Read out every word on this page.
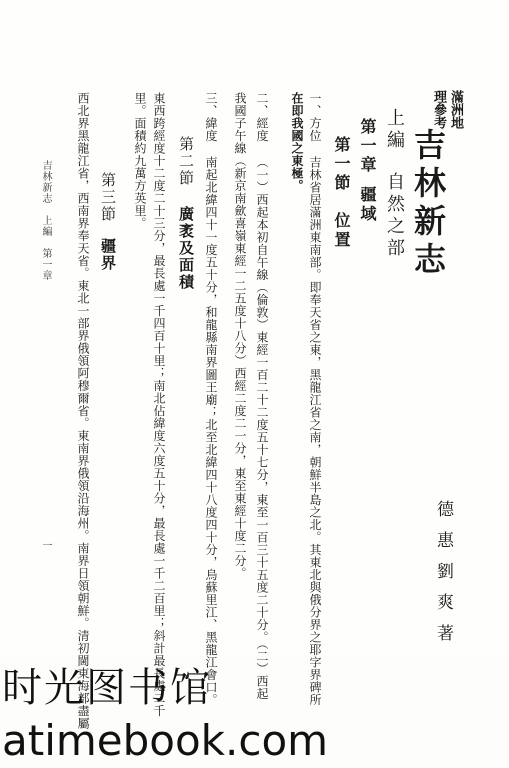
滿洲地
理參考
吉林新志
上編
自然之部
第一章
疆域
第一節
位置
一、方位
吉林省居滿洲東南部。即奉天省之東，黑龍江省之南，朝鮮半島之北。其東北與俄分界之耶字界碑所
在即我國之東極。
二、經度
（一）西起本初自午線（倫敦）東經一百二十二度五十七分，東至一百三十五度二十分。（二）西起
我國子午線（新京南歛喜嶺東經一二五度十八分）西經二度二一分，東至東經十度二分。
三、緯度
南起北緯四十一度五十分，和龍縣南界圖王廟；北至北緯四十八度四十分，烏蘇里江、黑龍江會口。
第二節
廣袤及面積
東西跨經度十二度二十三分，最長處一千四百十里；南北佔緯度六度五十分，最長處一千二百里；斜計最長處二千
里。面積約九萬方英里。
第三節
疆界
西北界黑龍江省，西南界奉天省。東北一部界俄領阿穆爾省。東南界俄領沿海州。南界日領朝鮮。清初閫東海部盡屬
吉林新志　上編　第一章
一	德惠劉爽著
时光图书馆
atimebook.com
